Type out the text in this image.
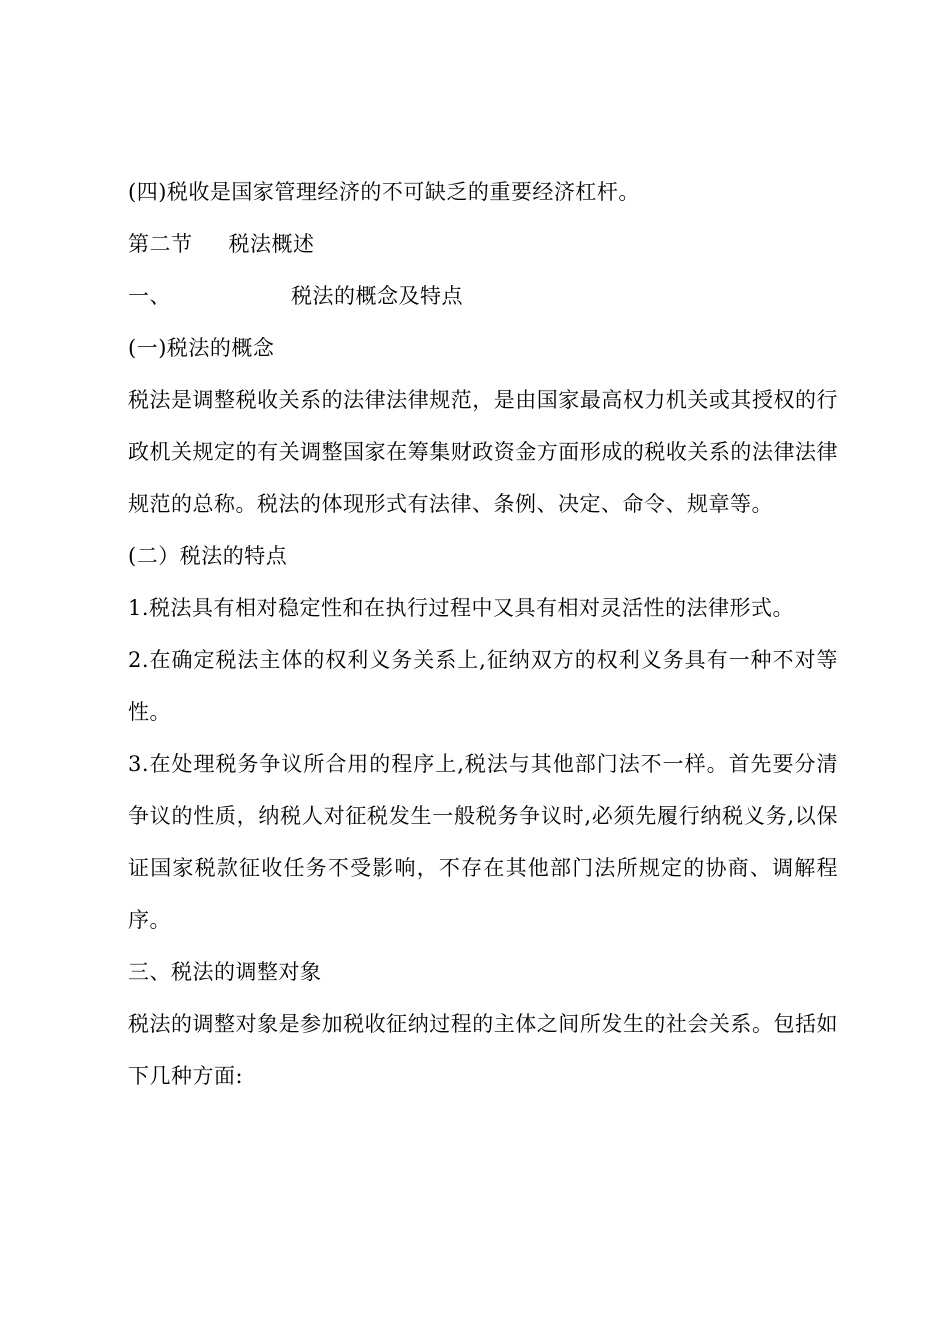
(四)税收是国家管理经济的不可缺乏的重要经济杠杆。
第二节 税法概述
一、	税法的概念及特点
(一)税法的概念
税法是调整税收关系的法律法律规范，是由国家最高权力机关或其授权的行政机关规定的有关调整国家在筹集财政资金方面形成的税收关系的法律法律规范的总称。税法的体现形式有法律、条例、决定、命令、规章等。
(二）税法的特点
1.税法具有相对稳定性和在执行过程中又具有相对灵活性的法律形式。
2.在确定税法主体的权利义务关系上,征纳双方的权利义务具有一种不对等性。
3.在处理税务争议所合用的程序上,税法与其他部门法不一样。首先要分清争议的性质，纳税人对征税发生一般税务争议时,必须先履行纳税义务,以保证国家税款征收任务不受影响，不存在其他部门法所规定的协商、调解程序。
三、税法的调整对象
税法的调整对象是参加税收征纳过程的主体之间所发生的社会关系。包括如下几种方面:
